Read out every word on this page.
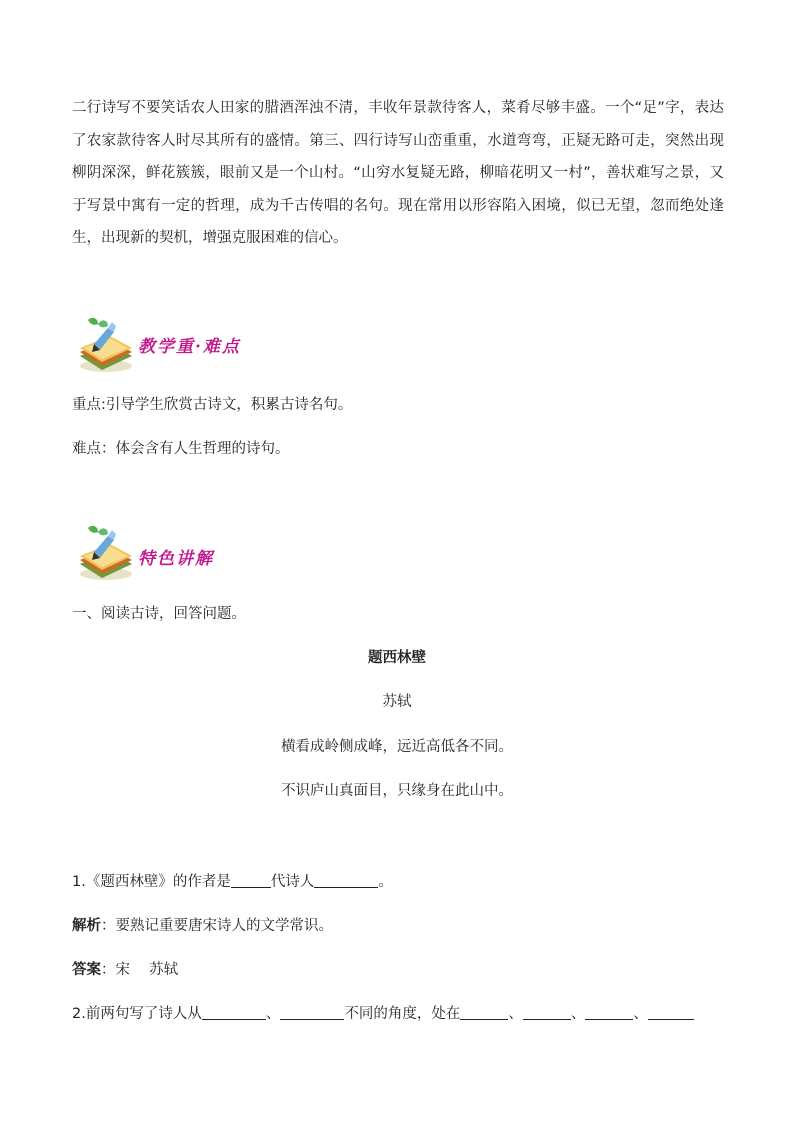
二行诗写不要笑话农人田家的腊酒浑浊不清，丰收年景款待客人，菜肴尽够丰盛。一个“足”字，表达了农家款待客人时尽其所有的盛情。第三、四行诗写山峦重重，水道弯弯，正疑无路可走，突然出现柳阴深深，鲜花簇簇，眼前又是一个山村。“山穷水复疑无路，柳暗花明又一村”，善状难写之景，又于写景中寓有一定的哲理，成为千古传唱的名句。现在常用以形容陷入困境，似已无望，忽而绝处逢生，出现新的契机，增强克服困难的信心。
教学重·难点
重点:引导学生欣赏古诗文，积累古诗名句。
难点：体会含有人生哲理的诗句。
特色讲解
一、阅读古诗，回答问题。
题西林壁
苏轼
横看成岭侧成峰，远近高低各不同。
不识庐山真面目，只缘身在此山中。
1.《题西林壁》的作者是	代诗人	。
解析：要熟记重要唐宋诗人的文学常识。
答案：宋　 苏轼
2.前两句写了诗人从	、	不同的角度，处在	、	、	、
